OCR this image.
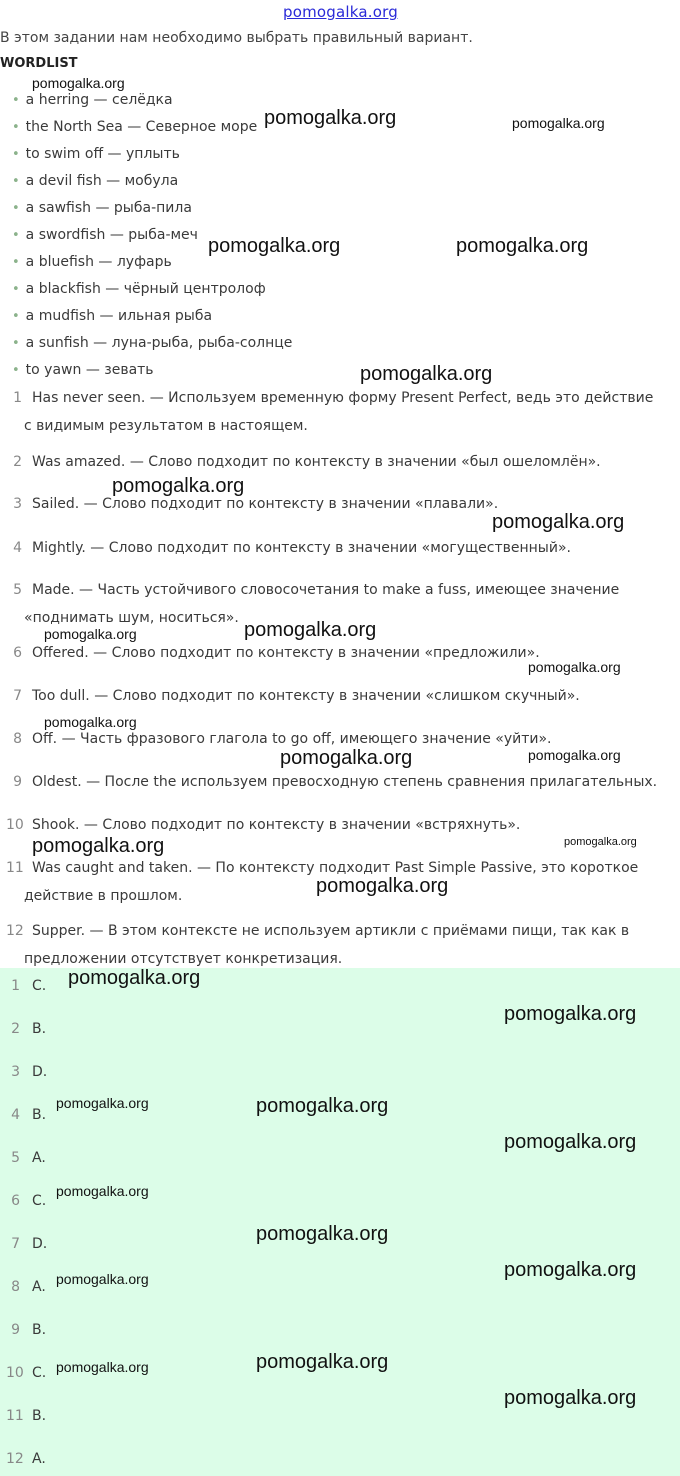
pomogalka.org
В этом задании нам необходимо выбрать правильный вариант.
WORDLIST
• a herring — селёдка
• the North Sea — Северное море
• to swim off — уплыть
• a devil fish — мобула
• a sawfish — рыба-пила
• a swordfish — рыба-меч
• a bluefish — луфарь
• a blackfish — чёрный центролоф
• a mudfish — ильная рыба
• a sunfish — луна-рыба, рыба-солнце
• to yawn — зевать
1 Has never seen. — Используем временную форму Present Perfect, ведь это действие
с видимым результатом в настоящем.
2 Was amazed. — Слово подходит по контексту в значении «был ошеломлён».
3 Sailed. — Слово подходит по контексту в значении «плавали».
4 Mightly. — Слово подходит по контексту в значении «могущественный».
5 Made. — Часть устойчивого словосочетания to make a fuss, имеющее значение
«поднимать шум, носиться».
6 Offered. — Слово подходит по контексту в значении «предложили».
7 Too dull. — Слово подходит по контексту в значении «слишком скучный».
8 Off. — Часть фразового глагола to go off, имеющего значение «уйти».
9 Oldest. — После the используем превосходную степень сравнения прилагательных.
10 Shook. — Слово подходит по контексту в значении «встряхнуть».
11 Was caught and taken. — По контексту подходит Past Simple Passive, это короткое
действие в прошлом.
12 Supper. — В этом контексте не используем артикли с приёмами пищи, так как в
предложении отсутствует конкретизация.
1 C.
2 B.
3 D.
4 B.
5 A.
6 C.
7 D.
8 A.
9 B.
10 C.
11 B.
12 A.
pomogalka.org
pomogalka.org	pomogalka.org
pomogalka.org	pomogalka.org
pomogalka.org
pomogalka.org
pomogalka.org
pomogalka.org	pomogalka.org
pomogalka.org
pomogalka.org
pomogalka.org	pomogalka.org
pomogalka.org
pomogalka.org
pomogalka.org
pomogalka.org
pomogalka.org
pomogalka.org	pomogalka.org
pomogalka.org
pomogalka.org
pomogalka.org
pomogalka.org
pomogalka.org
pomogalka.org	pomogalka.org
pomogalka.org
